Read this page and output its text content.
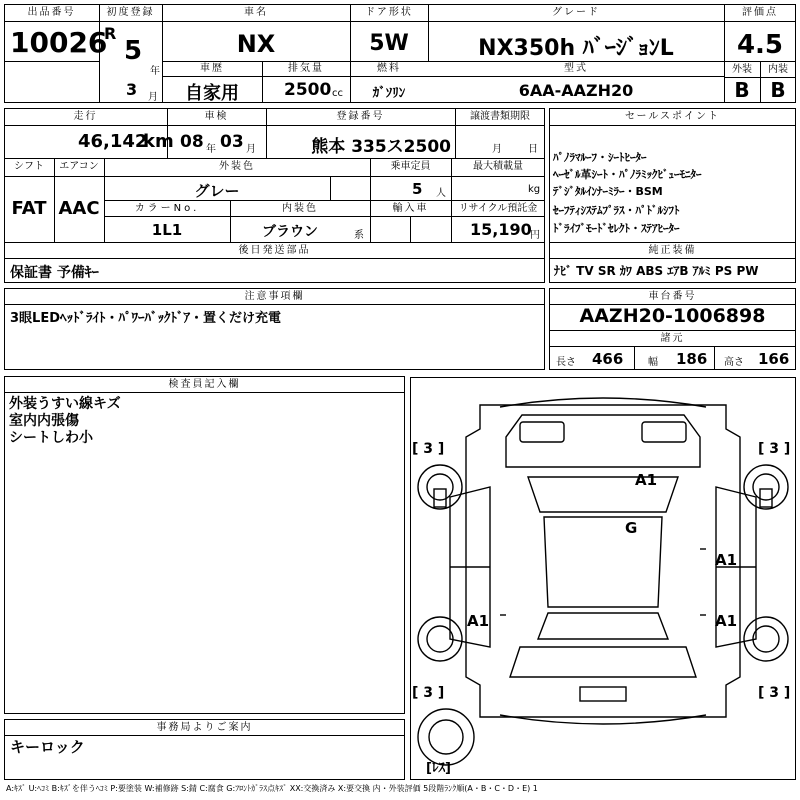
出品番号
10026
初度登録
R
5
年
3 月
車名
NX
ドア形状
5W
グレード
NX350h ﾊﾞｰｼﾞｮﾝL
評価点
4.5
車歴
自家用
排気量
2500 cc
燃料
ｶﾞｿﾘﾝ
型式
6AA-AAZH20
外装
B
内装
B
走行
46,142
km
車検
08 年 03 月
登録番号
熊本 335ス2500
譲渡書類期限
月	日
シフト
FAT
エアコン
AAC
外装色
グレー
乗車定員
5 人
最大積載量
kg
カラーNo.
1L1
内装色
ブラウン	系
輸入車	リサイクル預託金
15,190
円
後日発送部品
保証書 予備ｷｰ
セールスポイント
ﾊﾟﾉﾗﾏﾙｰﾌ・ｼｰﾄﾋｰﾀｰ
ﾍｰｾﾞﾙ革ｼｰﾄ・ﾊﾟﾉﾗﾐｯｸﾋﾞｭｰﾓﾆﾀｰ
ﾃﾞｼﾞﾀﾙｲﾝﾅｰﾐﾗｰ・BSM
ｾｰﾌﾃｨｼｽﾃﾑﾌﾟﾗｽ・ﾊﾟﾄﾞﾙｼﾌﾄ
ﾄﾞﾗｲﾌﾞﾓｰﾄﾞｾﾚｸﾄ・ｽﾃｱﾋｰﾀｰ
純正装備
ﾅﾋﾞ TV SR ｶﾜ ABS ｴｱB ｱﾙﾐ PS PW
注意事項欄
3眼LEDﾍｯﾄﾞﾗｲﾄ・ﾊﾟﾜｰﾊﾞｯｸﾄﾞｱ・置くだけ充電
車台番号
AAZH20-1006898
諸元
長さ 466 幅 186 高さ 166
検査員記入欄
外装うすい線キズ
室内内張傷
シートしわ小
事務局よりご案内
キーロック
A1
G
A1
A1	A1
[ 3 ]	[ 3 ]
[ 3 ]	[ 3 ]
[ﾚｽ]
A:ｷｽﾞ U:ﾍｺﾐ B:ｷｽﾞを伴うﾍｺﾐ P:要塗装 W:補修跡 S:錆 C:腐食 G:ﾌﾛﾝﾄｶﾞﾗｽ点ｷｽﾞ XX:交換済み X:要交換 内・外装評価 5段階ﾗﾝｸ順(A・B・C・D・E) 1
